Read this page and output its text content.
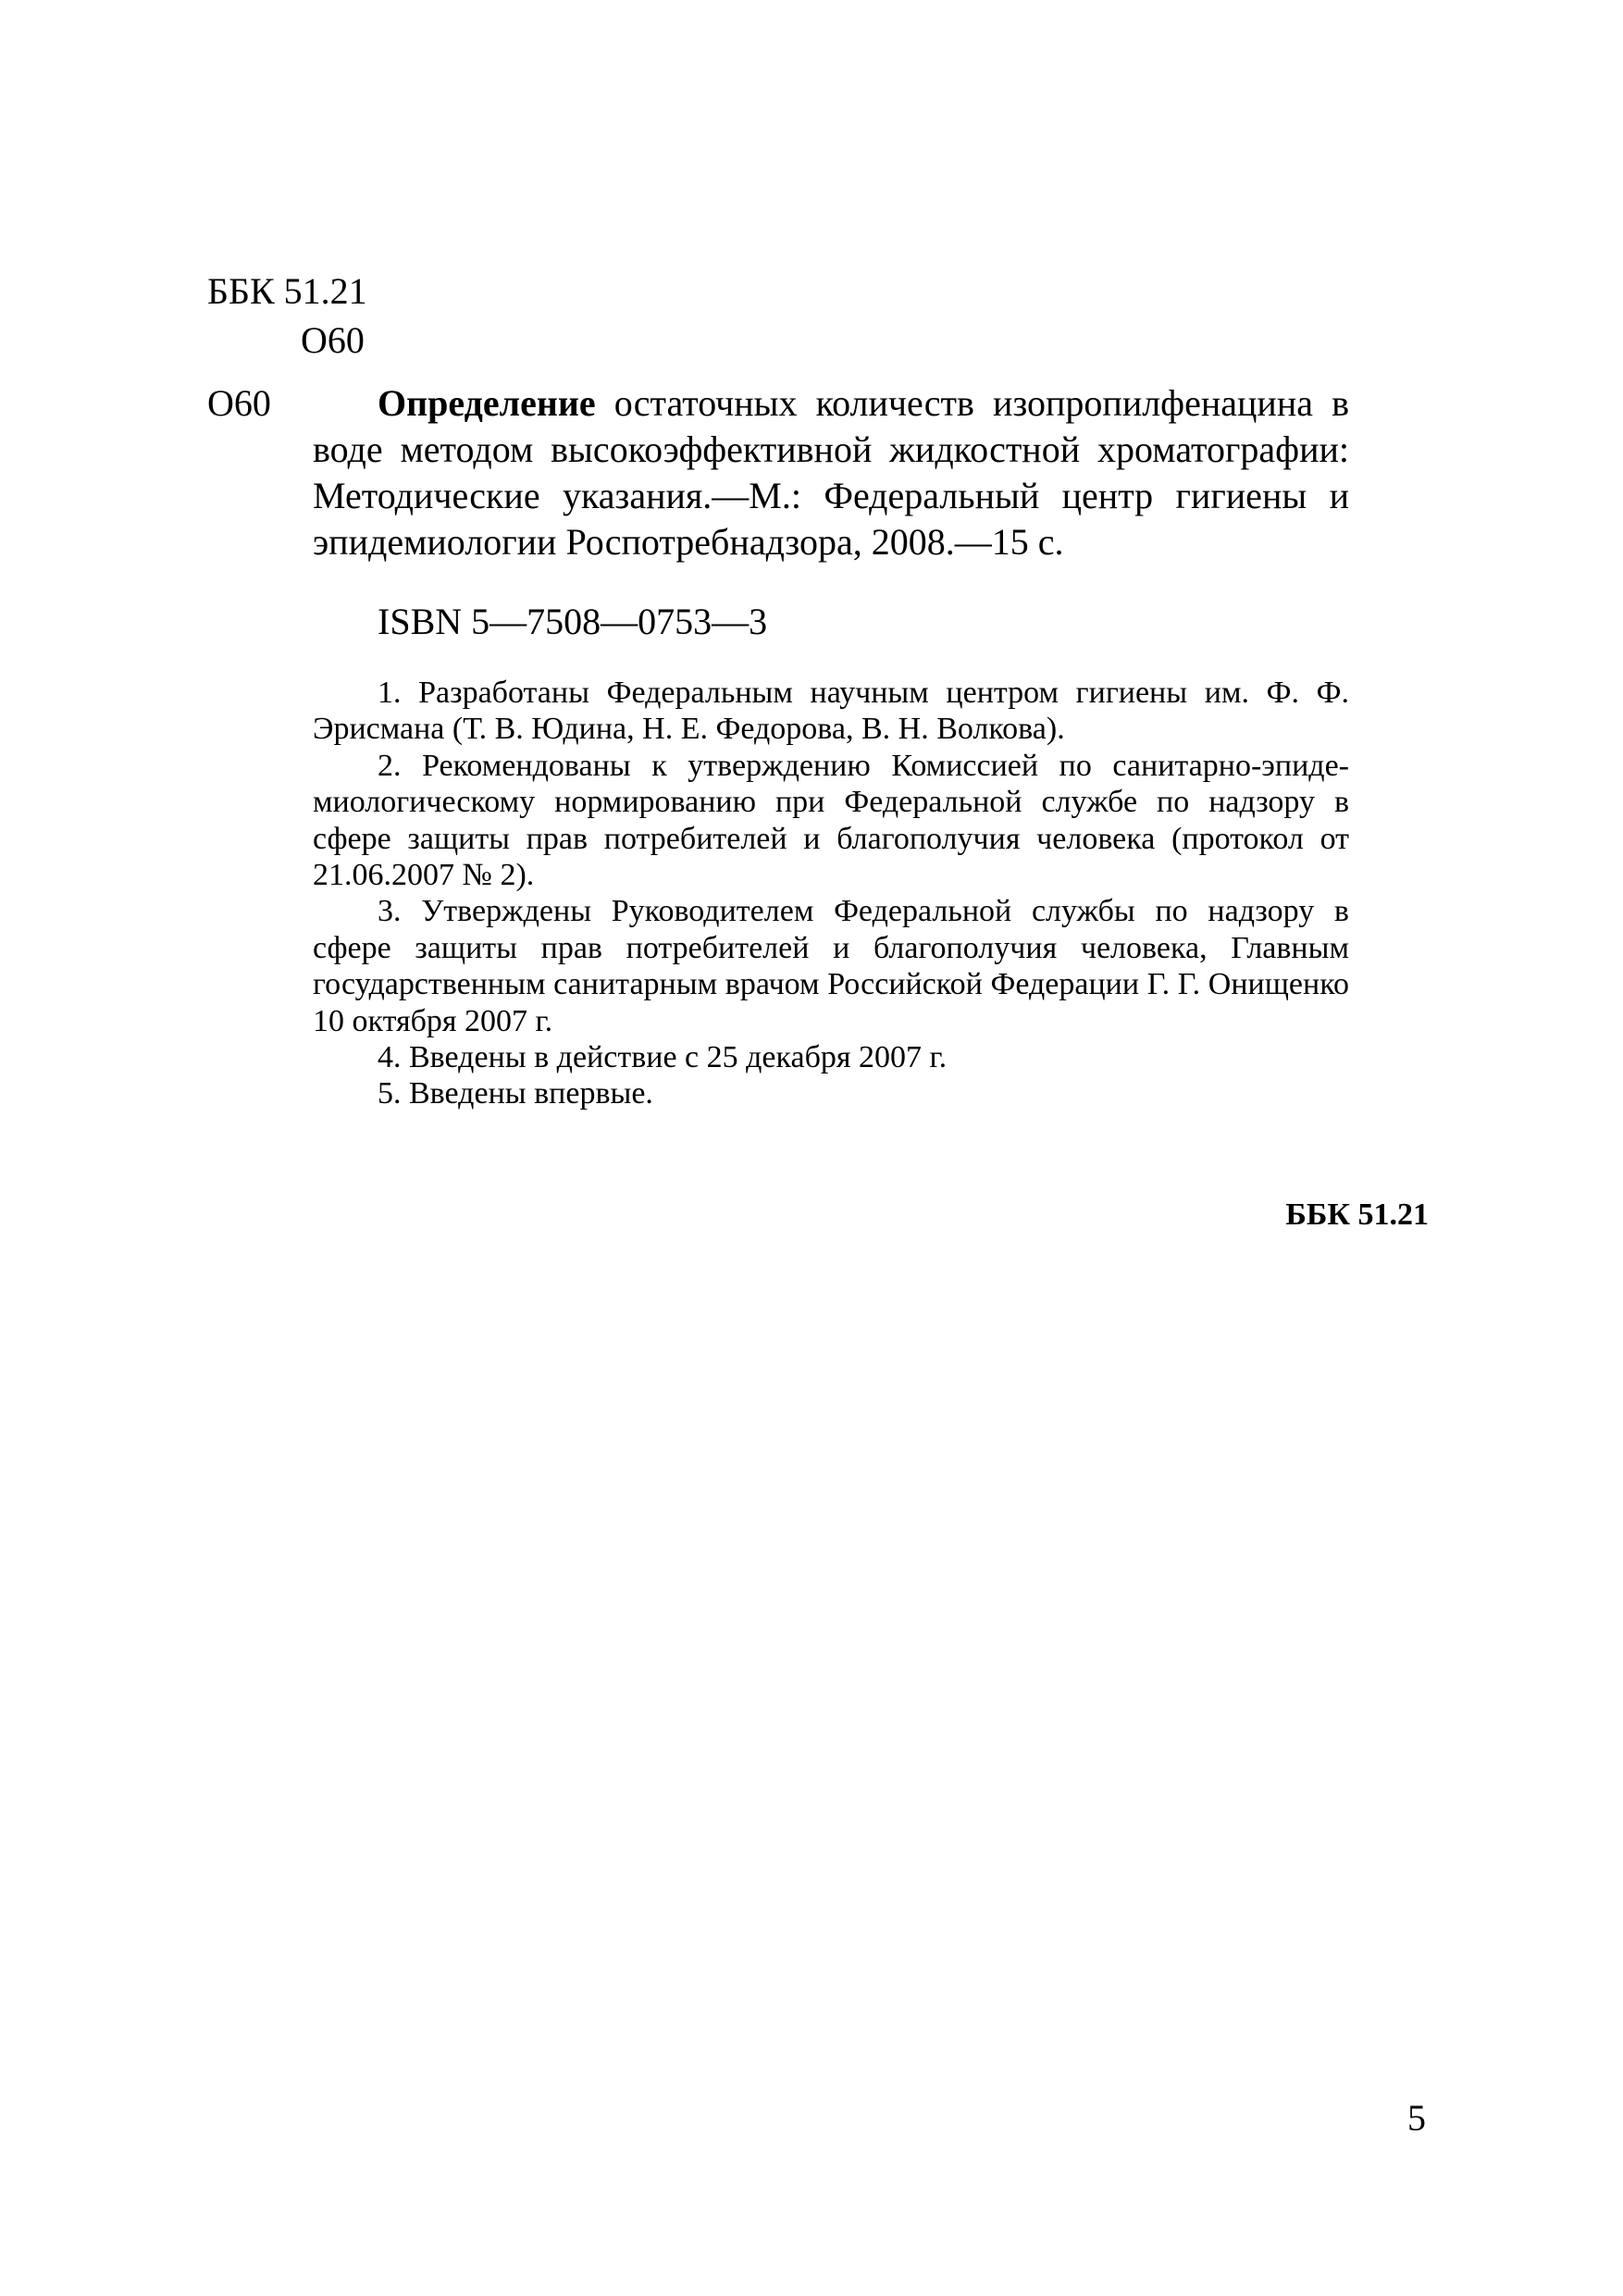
ББК 51.21
О60
О60	Определение остаточных количеств изопропилфенацина в воде методом высокоэффективной жидкостной хроматографии: Методические указания.—М.: Федеральный центр гигиены и эпидемиологии Роспотребнадзора, 2008.—15 с.
ISBN 5—7508—0753—3

1. Разработаны Федеральным научным центром гигиены им. Ф. Ф. Эрисмана (Т. В. Юдина, Н. Е. Федорова, В. Н. Волкова).

2. Рекомендованы к утверждению Комиссией по санитарно-эпидемиологическому нормированию при Федеральной службе по надзору в сфере защиты прав потребителей и благополучия человека (протокол от 21.06.2007 № 2).

3. Утверждены Руководителем Федеральной службы по надзору в сфере защиты прав потребителей и благополучия человека, Главным государственным санитарным врачом Российской Федерации Г. Г. Онищенко 10 октября 2007 г.

4. Введены в действие с 25 декабря 2007 г.

5. Введены впервые.

ББК 51.21
5
